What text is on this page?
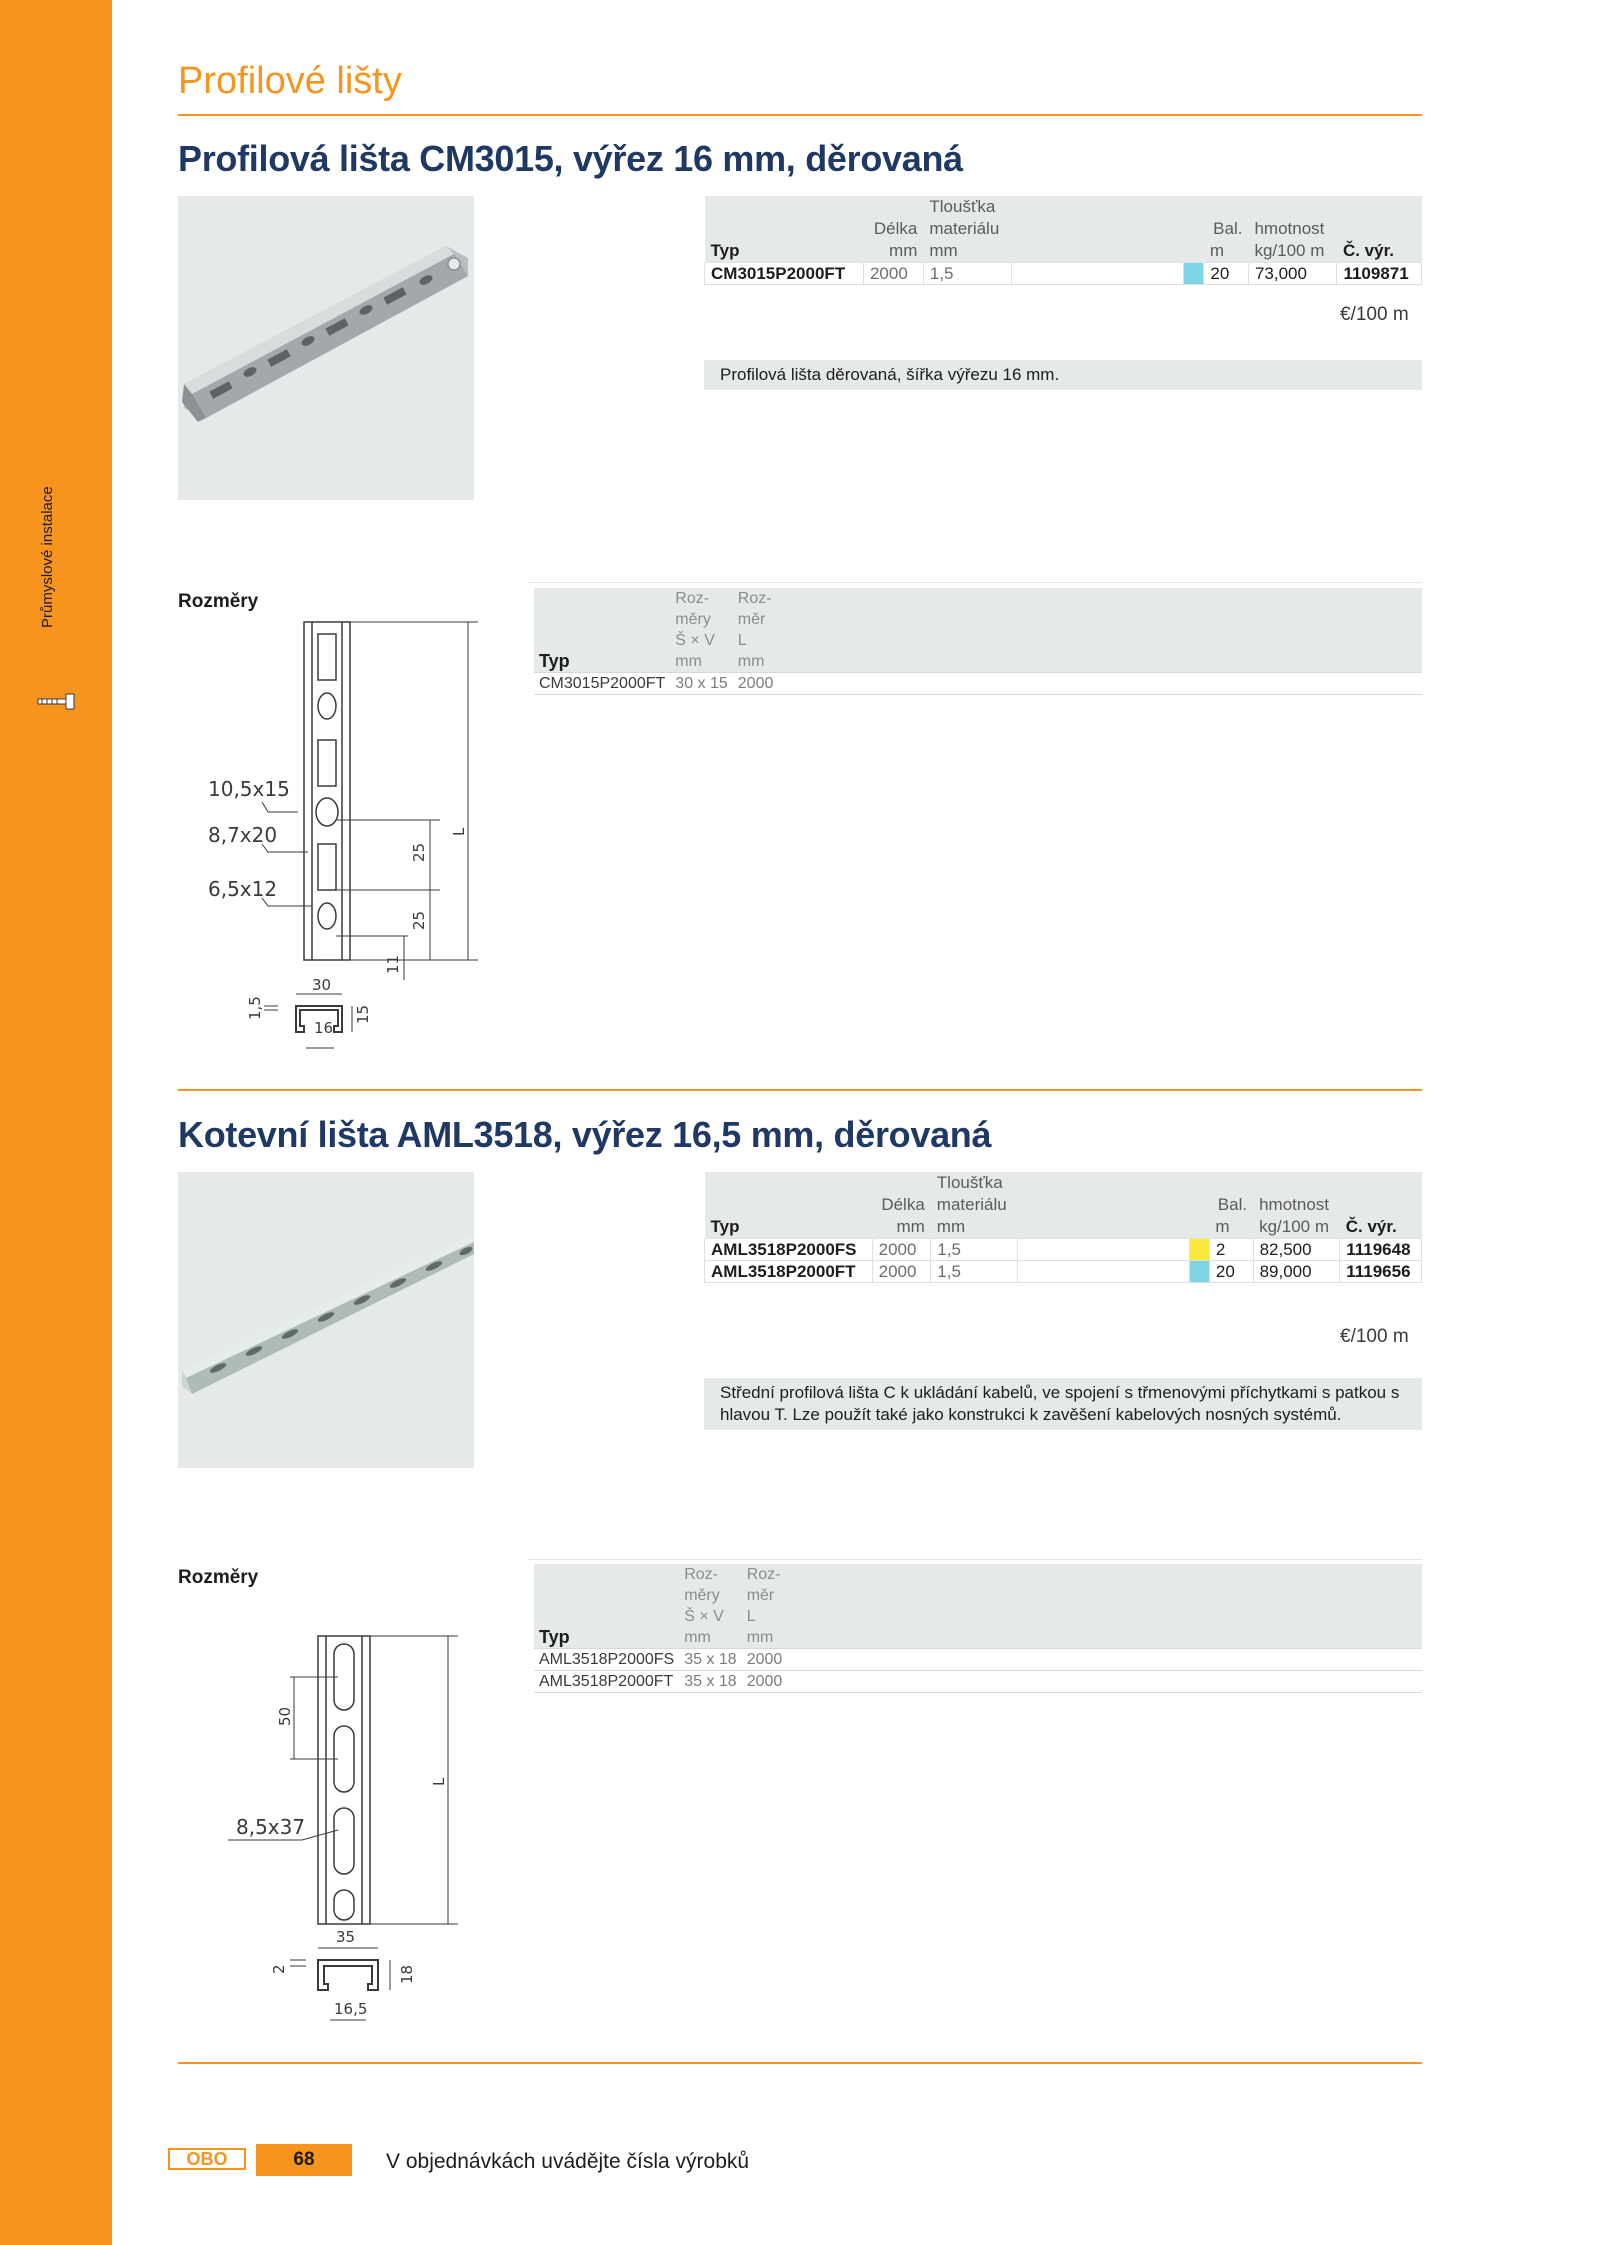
Průmyslové instalace
Profilové lišty
Profilová lišta CM3015, výřez 16 mm, děrovaná
		Tloušťka					
	Délka	materiálu			Bal.	hmotnost	
Typ	mm	mm			m	kg/100 m	Č. výr.
CM3015P2000FT	2000	1,5			20	73,000	1109871
€/100 m
Profilová lišta děrovaná, šířka výřezu 16 mm.
Rozměry
		Roz-	Roz-	
	měry	měr	
	Š × V	L	
Typ	mm	mm	
CM3015P2000FT	30 x 15	2000	
10,5x15
8,7x20
6,5x12
25
25
11
L
30
1,5	15
16
Kotevní lišta AML3518, výřez 16,5 mm, děrovaná
		Tloušťka					
	Délka	materiálu			Bal.	hmotnost	
Typ	mm	mm			m	kg/100 m	Č. výr.
AML3518P2000FS	2000	1,5			2	82,500	1119648
AML3518P2000FT	2000	1,5			20	89,000	1119656
€/100 m
Střední profilová lišta C k ukládání kabelů, ve spojení s třmenovými příchytkami s patkou s hlavou T. Lze použít také jako konstrukci k zavěšení kabelových nosných systémů.
Rozměry
		Roz-	Roz-	
	měry	měr	
	Š × V	L	
Typ	mm	mm	
AML3518P2000FS	35 x 18	2000	
AML3518P2000FT	35 x 18	2000	
50
L
8,5x37
35
2	18
16,5
OBO	68	V objednávkách uvádějte čísla výrobků
